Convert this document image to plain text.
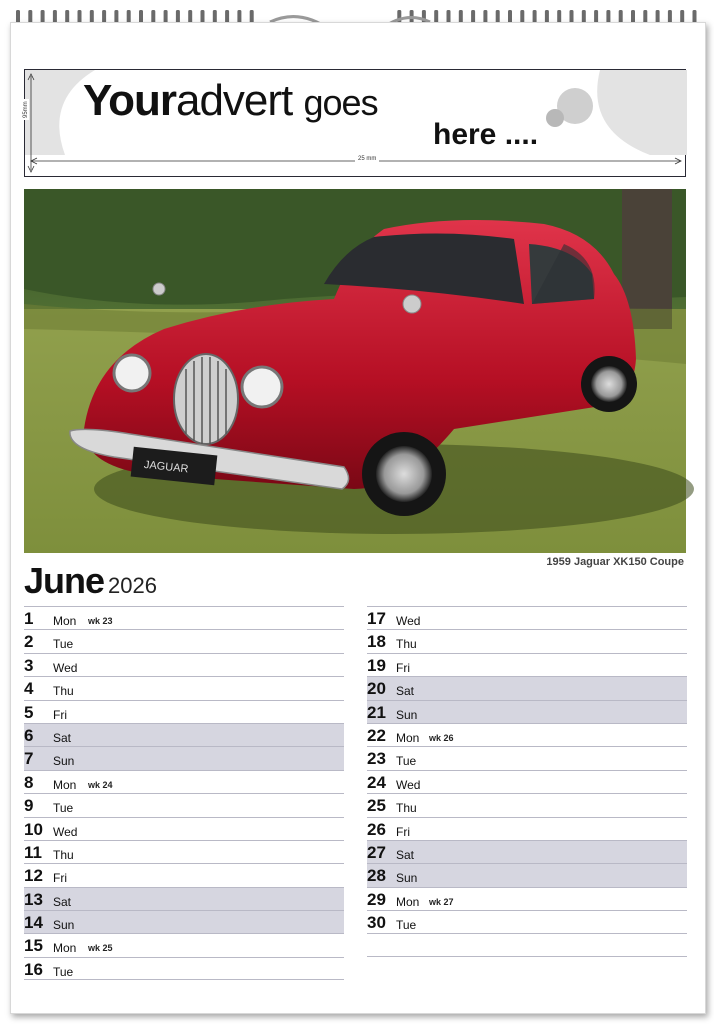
Youradvert goes
here ....
25 mm
95mm
JAGUAR
1959 Jaguar XK150 Coupe
June 2026
1 Mon wk 23
2 Tue
3 Wed
4 Thu
5 Fri
6 Sat
7 Sun
8 Mon wk 24
9 Tue
10 Wed
11 Thu
12 Fri
13 Sat
14 Sun
15 Mon wk 25
16 Tue
17 Wed
18 Thu
19 Fri
20 Sat
21 Sun
22 Mon wk 26
23 Tue
24 Wed
25 Thu
26 Fri
27 Sat
28 Sun
29 Mon wk 27
30 Tue
